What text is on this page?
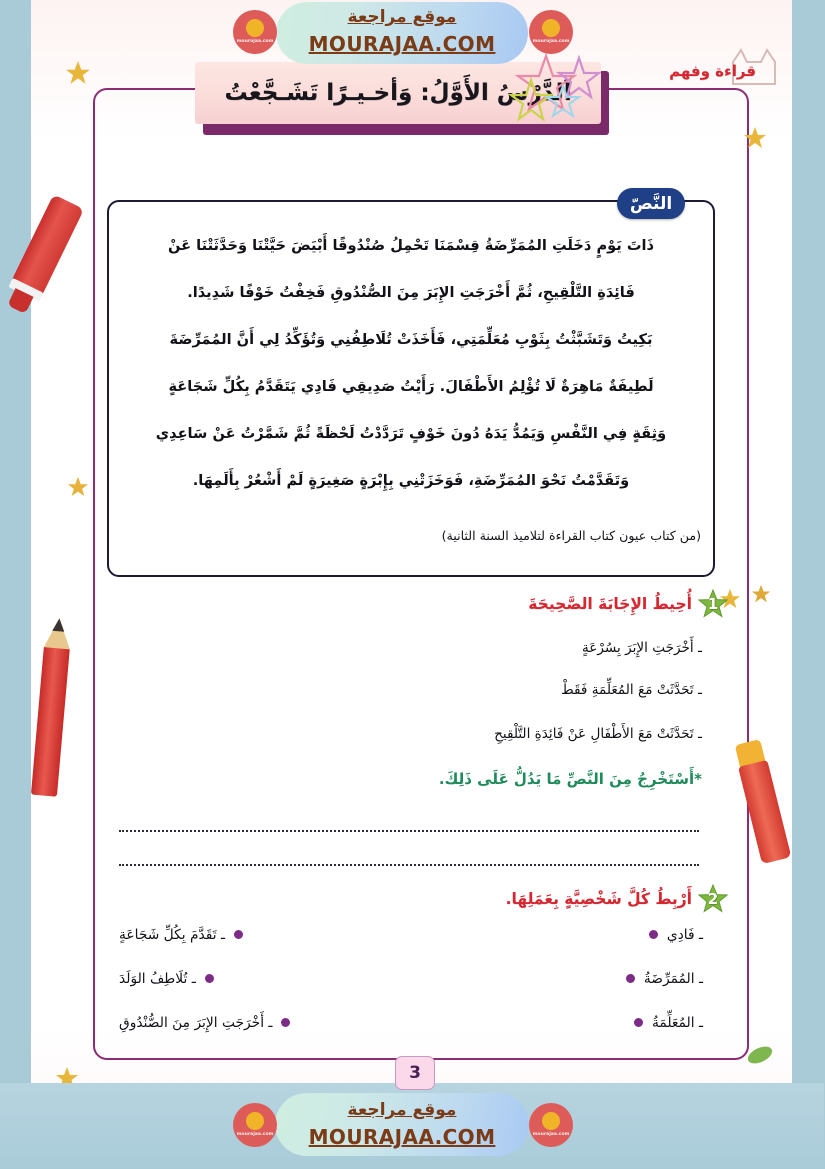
قراءة وفهم
اَلدَّرْسُ الأَوَّلُ: وَأخـيـرًا تَشَـجَّعْتُ
النَّصّ

ذَاتَ يَوْمٍ دَخَلَتِ المُمَرِّضَةُ قِسْمَنَا تَحْمِلُ صُنْدُوقًا أَبْيَضَ حَيَّتْنَا وَحَدَّثَتْنَا عَنْ

فَائِدَةِ التَّلْقِيحِ، ثُمَّ أَخْرَجَتِ الإِبَرَ مِنَ الصُّنْدُوقِ فَخِفْتُ خَوْفًا شَدِيدًا.

بَكِيتُ وَتَشَبَّثْتُ بِثَوْبِ مُعَلِّمَتِي، فَأَخَذَتْ تُلَاطِفُنِي وَتُؤَكِّدُ لِي أَنَّ المُمَرِّضَةَ

لَطِيفَةٌ مَاهِرَةٌ لَا تُؤْلِمُ الأَطْفَالَ. رَأَيْتُ صَدِيقِي فَادِي يَتَقَدَّمُ بِكُلِّ شَجَاعَةٍ

وَثِقَةٍ فِي النَّفْسِ وَيَمُدُّ يَدَهُ دُونَ خَوْفٍ تَرَدَّدْتُ لَحْظَةً ثُمَّ شَمَّرْتُ عَنْ سَاعِدِي

وَتَقَدَّمْتُ نَحْوَ المُمَرِّضَةِ، فَوَخَزَتْنِي بِإِبْرَةٍ صَغِيرَةٍ لَمْ أَشْعُرْ بِأَلَمِهَا.

(من كتاب عيون كتاب القراءة لتلاميذ السنة الثانية)
1
أُحِيطُ الإِجَابَةَ الصَّحِيحَةَ
ـ أَخْرَجَتِ الإِبَرَ بِسُرْعَةٍ
ـ تَحَدَّثَتْ مَعَ المُعَلِّمَةِ فَقَطْ
ـ تَحَدَّثَتْ مَعَ الأَطْفَالِ عَنْ فَائِدَةِ التَّلْقِيحِ
*أَسْتَخْرِجُ مِنَ النَّصِّ مَا يَدُلُّ عَلَى ذَلِكَ.
2
أَرْبِطُ كُلَّ شَخْصِيَّةٍ بِعَمَلِهَا.
ـ فَادِي
ـ تَقَدَّمَ بِكُلِّ شَجَاعَةٍ
ـ المُمَرِّضَةُ
ـ تُلَاطِفُ الوَلَدَ
ـ المُعَلِّمَةُ
ـ أَخْرَجَتِ الإِبَرَ مِنَ الصُّنْدُوقِ
3
موقع مراجعة
MOURAJAA.COM
mourajaa.com	mourajaa.com
موقع مراجعة
MOURAJAA.COM
mourajaa.com	mourajaa.com
